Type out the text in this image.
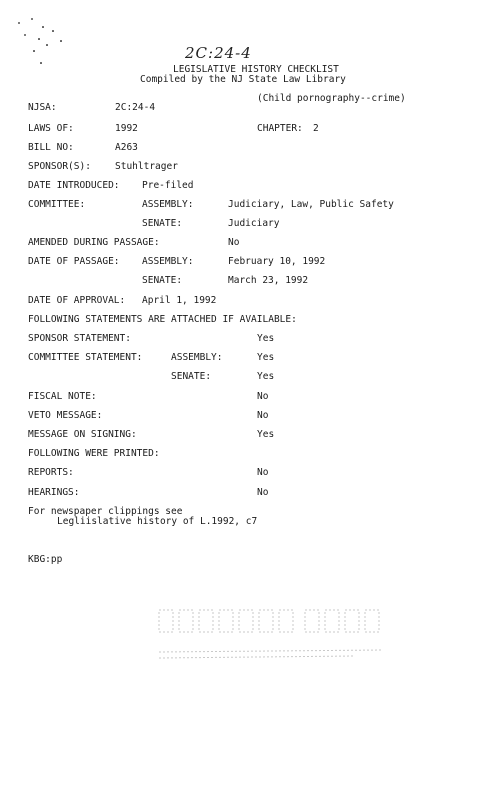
2C:24-4
LEGISLATIVE HISTORY CHECKLIST
Compiled by the NJ State Law Library
(Child pornography--crime)
NJSA:	2C:24-4
LAWS OF:	1992	CHAPTER: 2
BILL NO:	A263
SPONSOR(S):	Stuhltrager
DATE INTRODUCED: Pre-filed
COMMITTEE:	ASSEMBLY:	Judiciary, Law, Public Safety
SENATE:	Judiciary
AMENDED DURING PASSAGE:	No
DATE OF PASSAGE: ASSEMBLY:	February 10, 1992
SENATE:	March 23, 1992
DATE OF APPROVAL: April 1, 1992
FOLLOWING STATEMENTS ARE ATTACHED IF AVAILABLE:
SPONSOR STATEMENT:	Yes
COMMITTEE STATEMENT:	ASSEMBLY:	Yes
SENATE:	Yes
FISCAL NOTE:	No
VETO MESSAGE:	No
MESSAGE ON SIGNING:	Yes
FOLLOWING WERE PRINTED:
REPORTS:	No
HEARINGS:	No
For newspaper clippings see
Legliislative history of L.1992, c7
KBG:pp
